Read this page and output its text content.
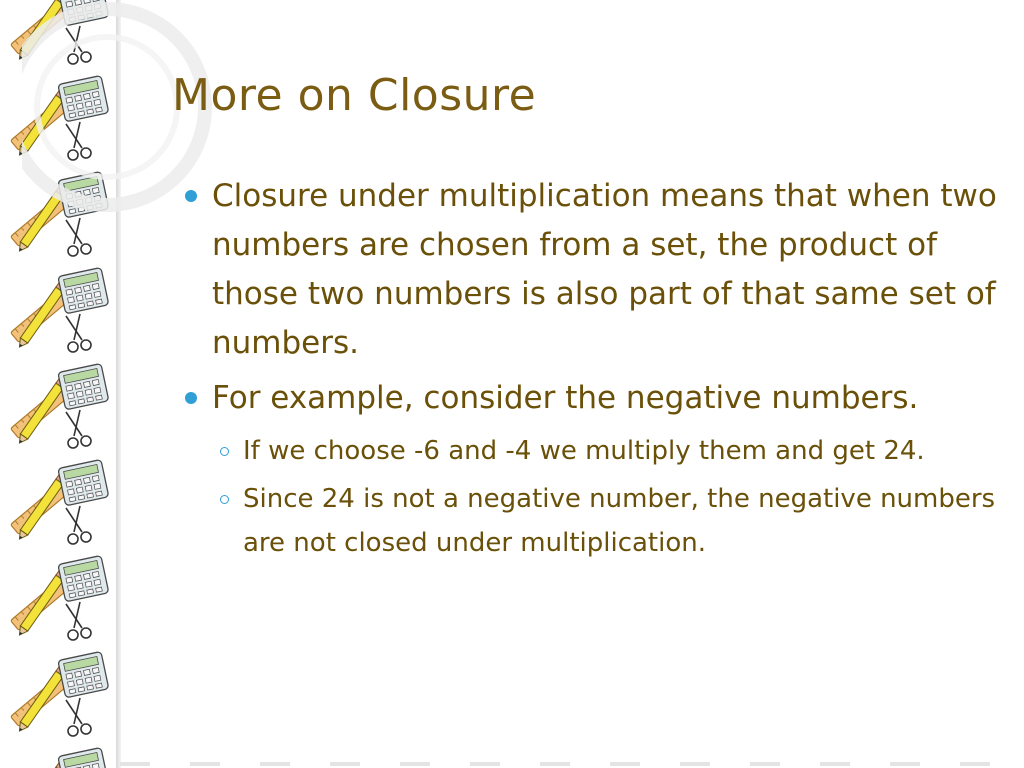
More on Closure
Closure under multiplication means that when two numbers are chosen from a set, the product of those two numbers is also part of that same set of numbers.
For example, consider the negative numbers.
If we choose -6 and -4 we multiply them and get 24.
Since 24 is not a negative number, the negative numbers are not closed under multiplication.
